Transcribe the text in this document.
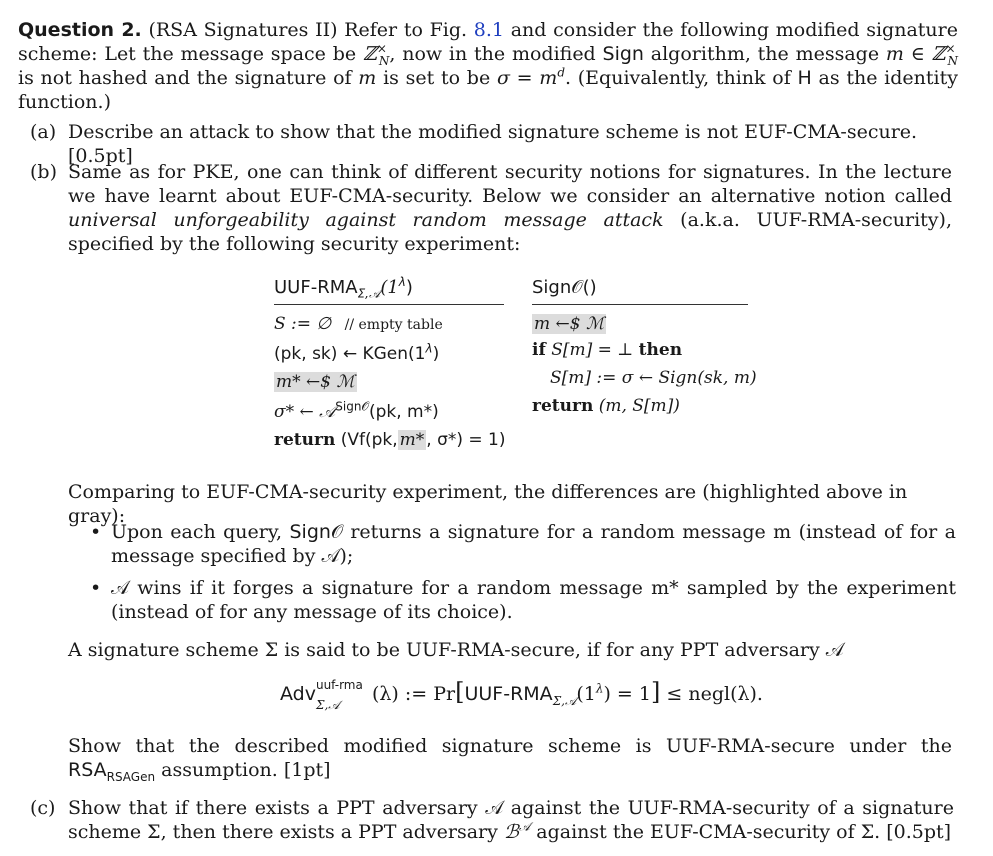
Question 2. (RSA Signatures II) Refer to Fig. 8.1 and consider the following modified signature scheme: Let the message space be ℤ×$_N$, now in the modified Sign algorithm, the message m ∈ ℤ×$_N$ is not hashed and the signature of m is set to be $\sigma = m^d$. (Equivalently, think of H as the identity function.)
(a) Describe an attack to show that the modified signature scheme is not EUF-CMA-secure. [0.5pt]
(b) Same as for PKE, one can think of different security notions for signatures. In the lecture we have learnt about EUF-CMA-security. Below we consider an alternative notion called universal unforgeability against random message attack (a.k.a. UUF-RMA-security), specified by the following security experiment:
UUF-$RMA_{\Sigma,𝒜}(1^\lambda)$
S := ∅ // empty table
(pk, sk) ← $KGen(1^\lambda)$
m* ←$ ℳ
σ* ← 𝒜$^{Sign𝒪}$(pk, m*)
return (Vf(pk, m* , σ*) = 1)
Sign𝒪()
m ←$ ℳ
if S[m] = ⊥ then
S[m] := σ ← Sign(sk, m)
return (m, S[m])
Comparing to EUF-CMA-security experiment, the differences are (highlighted above in gray):
• Upon each query, Sign𝒪 returns a signature for a random message m (instead of for a message specified by 𝒜);
• 𝒜 wins if it forges a signature for a random message m* sampled by the experiment (instead of for any message of its choice).
A signature scheme Σ is said to be UUF-RMA-secure, if for any PPT adversary 𝒜
Adv uuf-rma
Σ,𝒜 (λ) := $Pr[UUF-RMA_{\Sigma,𝒜}(1^\lambda) = 1]$ ≤ negl(λ).
Show that the described modified signature scheme is UUF-RMA-secure under the $RSA_{RSAGen}$ assumption. [1pt]
(c) Show that if there exists a PPT adversary 𝒜 against the UUF-RMA-security of a signature scheme Σ, then there exists a PPT adversary ℬ$^𝒜$ against the EUF-CMA-security of Σ. [0.5pt]
